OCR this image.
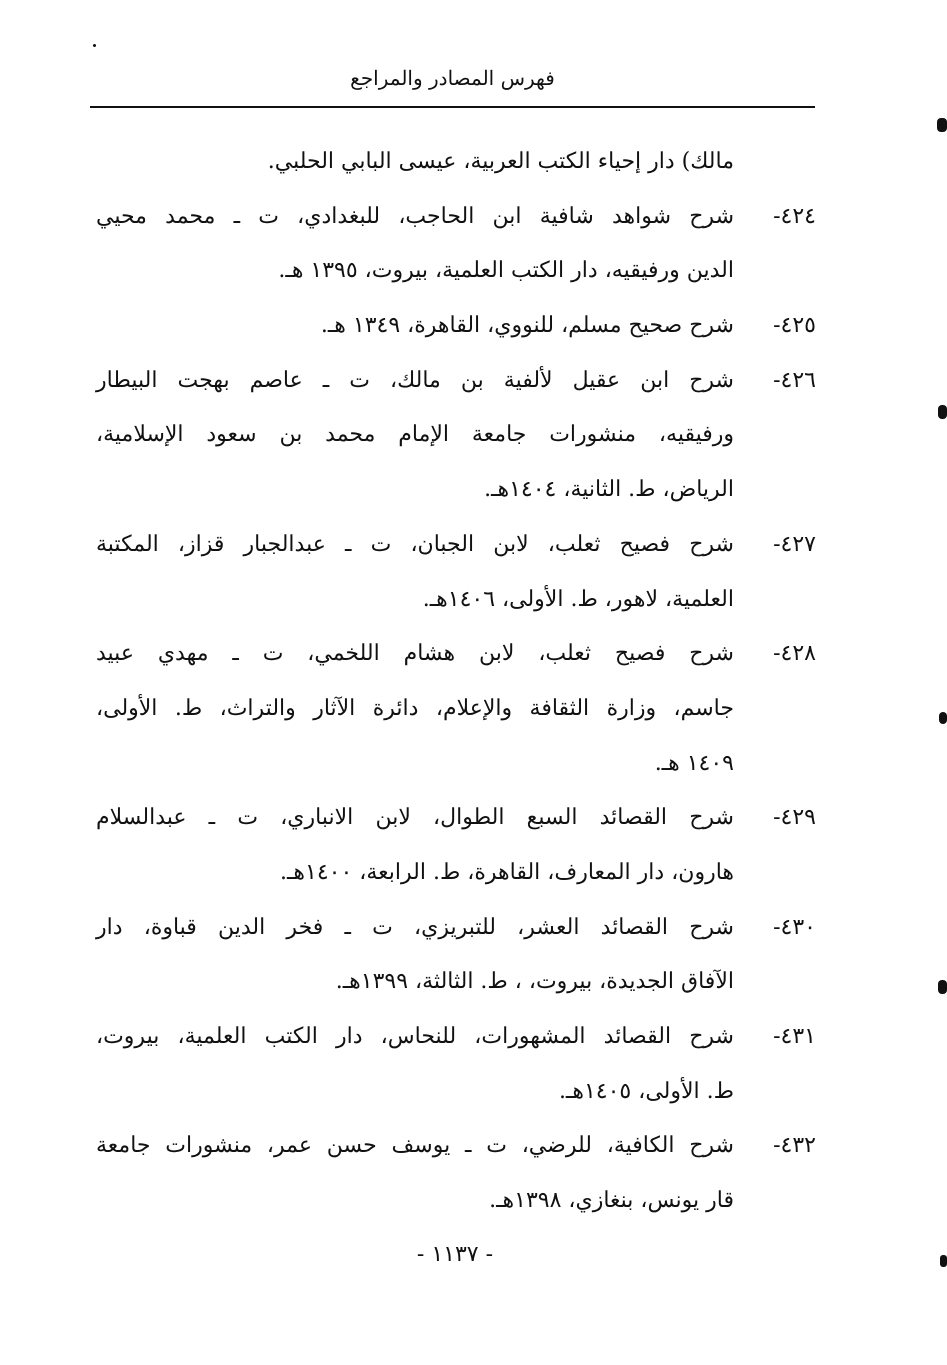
فهرس المصادر والمراجع
مالك) دار إحياء الكتب العربية، عيسى البابي الحلبي.
٤٢٤-
شرح شواهد شافية ابن الحاجب، للبغدادي، ت ـ محمد محيي
الدين ورفيقيه، دار الكتب العلمية، بيروت، ١٣٩٥ هـ.
٤٢٥-
شرح صحيح مسلم، للنووي، القاهرة، ١٣٤٩ هـ.
٤٢٦-
شرح ابن عقيل لألفية بن مالك، ت ـ عاصم بهجت البيطار
ورفيقيه، منشورات جامعة الإمام محمد بن سعود الإسلامية،
الرياض، ط. الثانية، ١٤٠٤هـ.
٤٢٧-
شرح فصيح ثعلب، لابن الجبان، ت ـ عبدالجبار قزاز، المكتبة
العلمية، لاهور، ط. الأولى، ١٤٠٦هـ.
٤٢٨-
شرح فصيح ثعلب، لابن هشام اللخمي، ت ـ مهدي عبيد
جاسم، وزارة الثقافة والإعلام، دائرة الآثار والتراث، ط. الأولى،
١٤٠٩ هـ.
٤٢٩-
شرح القصائد السبع الطوال، لابن الانباري، ت ـ عبدالسلام
هارون، دار المعارف، القاهرة، ط. الرابعة، ١٤٠٠هـ.
٤٣٠-
شرح القصائد العشر، للتبريزي، ت ـ فخر الدين قباوة، دار
الآفاق الجديدة، بيروت، ، ط. الثالثة، ١٣٩٩هـ.
٤٣١-
شرح القصائد المشهورات، للنحاس، دار الكتب العلمية، بيروت،
ط. الأولى، ١٤٠٥هـ.
٤٣٢-
شرح الكافية، للرضي، ت ـ يوسف حسن عمر، منشورات جامعة
قار يونس، بنغازي، ١٣٩٨هـ.
- ١١٣٧ -
